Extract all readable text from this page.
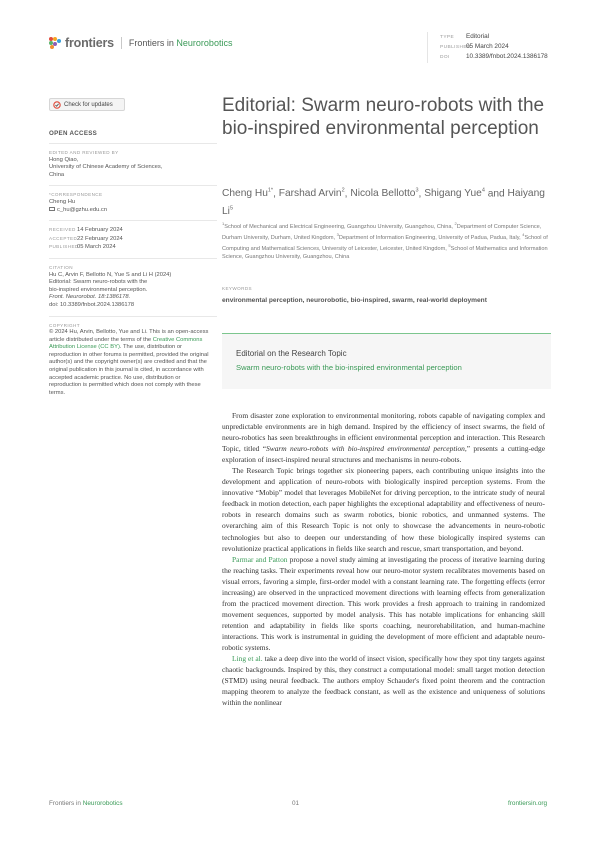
frontiers Frontiers in Neurorobotics
TYPE Editorial
PUBLISHED05 March 2024
DOI	10.3389/fnbot.2024.1386178
Check for updates
OPEN ACCESS
EDITED AND REVIEWED BY
Hong Qiao,
University of Chinese Academy of Sciences,
China
*CORRESPONDENCE
Cheng Hu
c_hu@gzhu.edu.cn
RECEIVED14 February 2024
ACCEPTED22 February 2024
PUBLISHED05 March 2024
CITATION
Hu C, Arvin F, Bellotto N, Yue S and Li H (2024)
Editorial: Swarm neuro-robots with the
bio-inspired environmental perception.
Front. Neurorobot. 18:1386178.
doi: 10.3389/fnbot.2024.1386178
COPYRIGHT
© 2024 Hu, Arvin, Bellotto, Yue and Li. This is an open-access article distributed under the terms of the Creative Commons Attribution License (CC BY). The use, distribution or reproduction in other forums is permitted, provided the original author(s) and the copyright owner(s) are credited and that the original publication in this journal is cited, in accordance with accepted academic practice. No use, distribution or reproduction is permitted which does not comply with these terms.
Editorial: Swarm neuro-robots with the bio-inspired environmental perception
Cheng $Hu^{1*}$, Farshad Arvin$^2$, Nicola Bellotto$^3$, Shigang Yue$^4$ and Haiyang Li$^5$
$^1$School of Mechanical and Electrical Engineering, Guangzhou University, Guangzhou, China, $^2$Department of Computer Science, Durham University, Durham, United Kingdom, $^3$Department of Information Engineering, University of Padua, Padua, Italy, $^4$School of Computing and Mathematical Sciences, University of Leicester, Leicester, United Kingdom, $^5$School of Mathematics and Information Science, Guangzhou University, Guangzhou, China
KEYWORDS
environmental perception, neurorobotic, bio-inspired, swarm, real-world deployment
Editorial on the Research Topic
Swarm neuro-robots with the bio-inspired environmental perception

From disaster zone exploration to environmental monitoring, robots capable of navigating complex and unpredictable environments are in high demand. Inspired by the efficiency of insect swarms, the field of neuro-robotics has seen breakthroughs in efficient environmental perception and interaction. This Research Topic, titled “Swarm neuro-robots with bio-inspired environmental perception,” presents a cutting-edge exploration of insect-inspired neural structures and mechanisms in neuro-robots.

The Research Topic brings together six pioneering papers, each contributing unique insights into the development and application of neuro-robots with biologically inspired perception systems. From the innovative “Mobip” model that leverages MobileNet for driving perception, to the intricate study of neural feedback in motion detection, each paper highlights the exceptional adaptability and effectiveness of neuro-robots in research domains such as swarm robotics, bionic robotics, and unmanned systems. The overarching aim of this Research Topic is not only to showcase the advancements in neuro-robotic technologies but also to deepen our understanding of how these biologically inspired systems can revolutionize practical applications in fields like search and rescue, smart transportation, and beyond.

Parmar and Patton propose a novel study aiming at investigating the process of iterative learning during the reaching tasks. Their experiments reveal how our neuro-motor system recalibrates movements based on visual errors, favoring a simple, first-order model with a constant learning rate. The forgetting effects (error increasing) are observed in the unpracticed movement directions with learning effects from generalization from the practiced movement direction. This work provides a fresh approach to training in randomized movement sequences, supported by model analysis. This has notable implications for enhancing skill retention and adaptability in fields like sports coaching, neurorehabilitation, and human-machine interactions. This work is instrumental in guiding the development of more efficient and adaptable neuro-robotic systems.

Ling et al. take a deep dive into the world of insect vision, specifically how they spot tiny targets against chaotic backgrounds. Inspired by this, they construct a computational model: small target motion detection (STMD) using neural feedback. The authors employ Schauder's fixed point theorem and the contraction mapping theorem to analyze the feedback constant, as well as the existence and uniqueness of solutions within the nonlinear

Frontiers in Neurorobotics	01	frontiersin.org
